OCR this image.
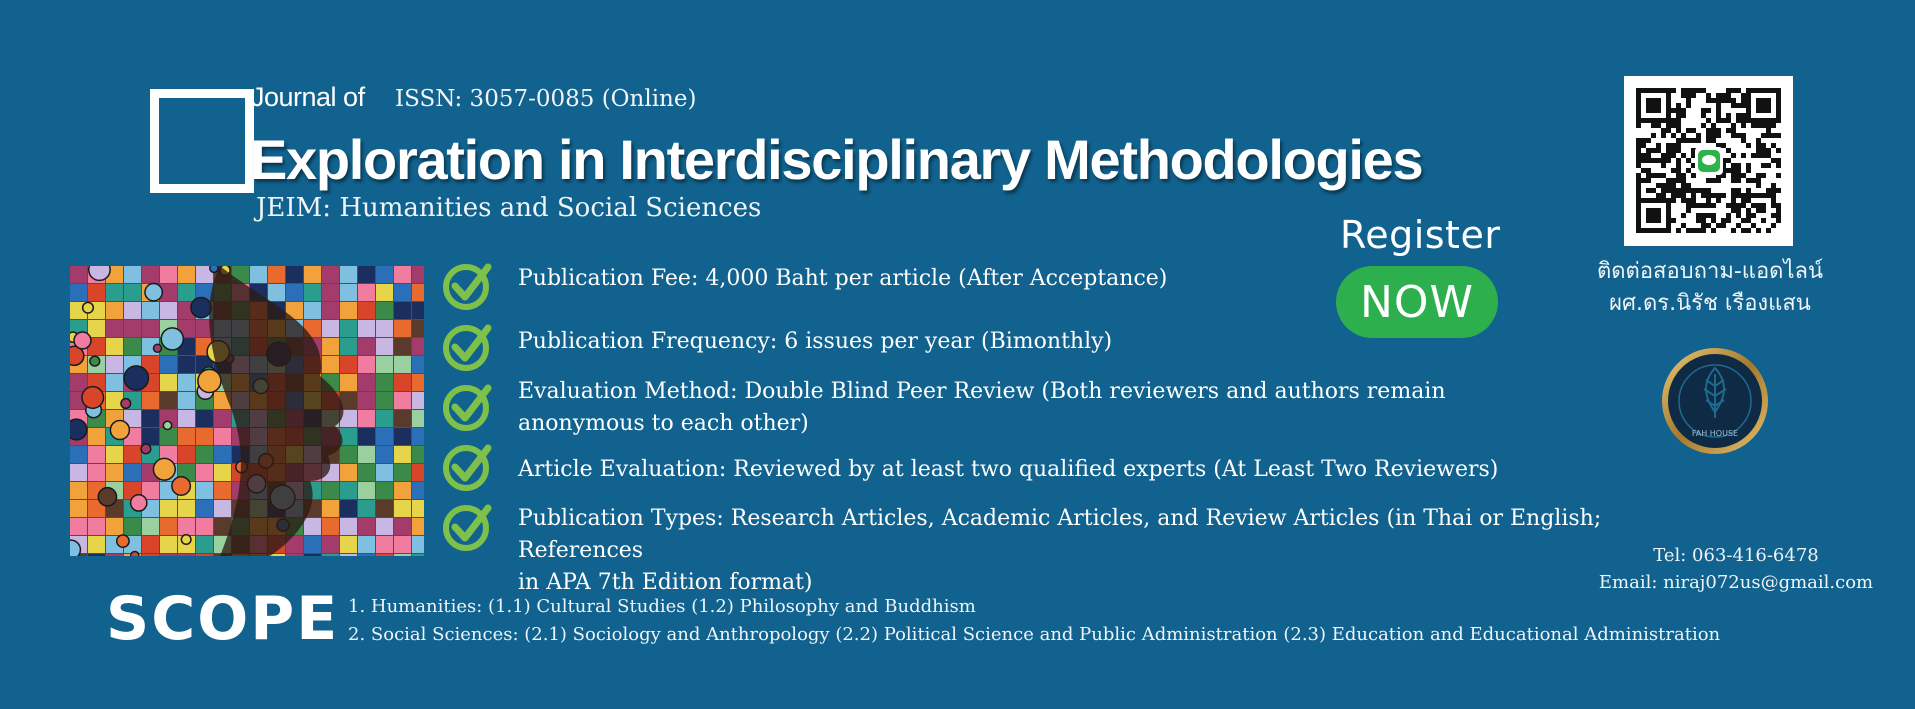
Journal of ISSN: 3057-0085 (Online)
Exploration in Interdisciplinary Methodologies
JEIM: Humanities and Social Sciences
Publication Fee: 4,000 Baht per article (After Acceptance)
Publication Frequency: 6 issues per year (Bimonthly)
Evaluation Method: Double Blind Peer Review (Both reviewers and authors remain
anonymous to each other)
Article Evaluation: Reviewed by at least two qualified experts (At Least Two Reviewers)
Publication Types: Research Articles, Academic Articles, and Review Articles (in Thai or English; References
in APA 7th Edition format)
Register
NOW
ติดต่อสอบถาม-แอดไลน์
ผศ.ดร.นิรัช เรืองแสน
FAH HOUSE
Tel: 063-416-6478
Email: niraj072us@gmail.com
SCOPE 1. Humanities: (1.1) Cultural Studies (1.2) Philosophy and Buddhism
2. Social Sciences: (2.1) Sociology and Anthropology (2.2) Political Science and Public Administration (2.3) Education and Educational Administration
